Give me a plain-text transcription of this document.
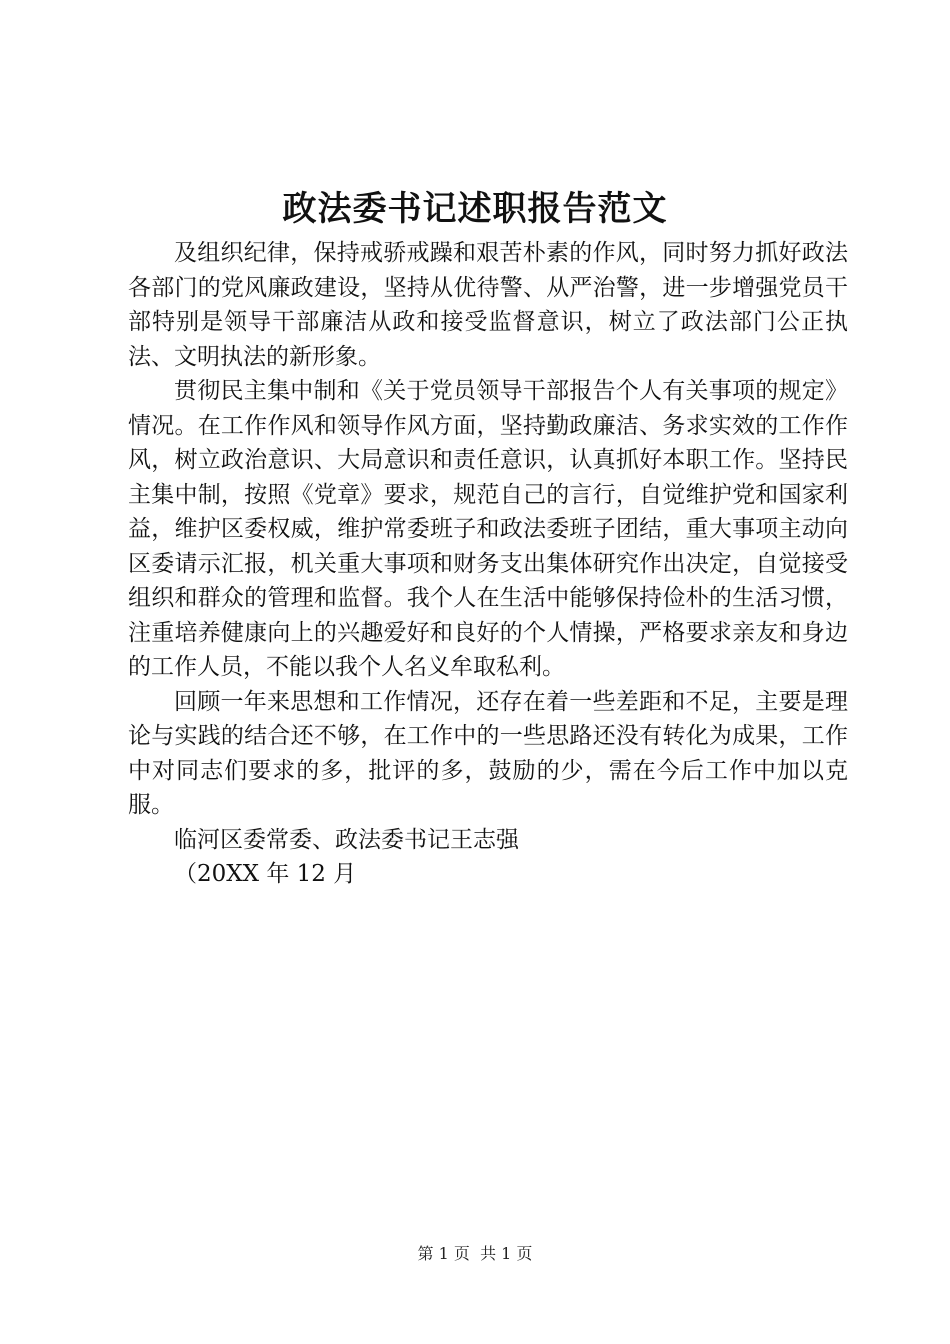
政法委书记述职报告范文

及组织纪律，保持戒骄戒躁和艰苦朴素的作风，同时努力抓好政法各部门的党风廉政建设，坚持从优待警、从严治警，进一步增强党员干部特别是领导干部廉洁从政和接受监督意识，树立了政法部门公正执法、文明执法的新形象。

贯彻民主集中制和《关于党员领导干部报告个人有关事项的规定》情况。在工作作风和领导作风方面，坚持勤政廉洁、务求实效的工作作风，树立政治意识、大局意识和责任意识，认真抓好本职工作。坚持民主集中制，按照《党章》要求，规范自己的言行，自觉维护党和国家利益，维护区委权威，维护常委班子和政法委班子团结，重大事项主动向区委请示汇报，机关重大事项和财务支出集体研究作出决定，自觉接受组织和群众的管理和监督。我个人在生活中能够保持俭朴的生活习惯，注重培养健康向上的兴趣爱好和良好的个人情操，严格要求亲友和身边的工作人员，不能以我个人名义牟取私利。

回顾一年来思想和工作情况，还存在着一些差距和不足，主要是理论与实践的结合还不够，在工作中的一些思路还没有转化为成果，工作中对同志们要求的多，批评的多，鼓励的少，需在今后工作中加以克服。

临河区委常委、政法委书记王志强

（20XX 年 12 月

第 1 页  共 1 页
